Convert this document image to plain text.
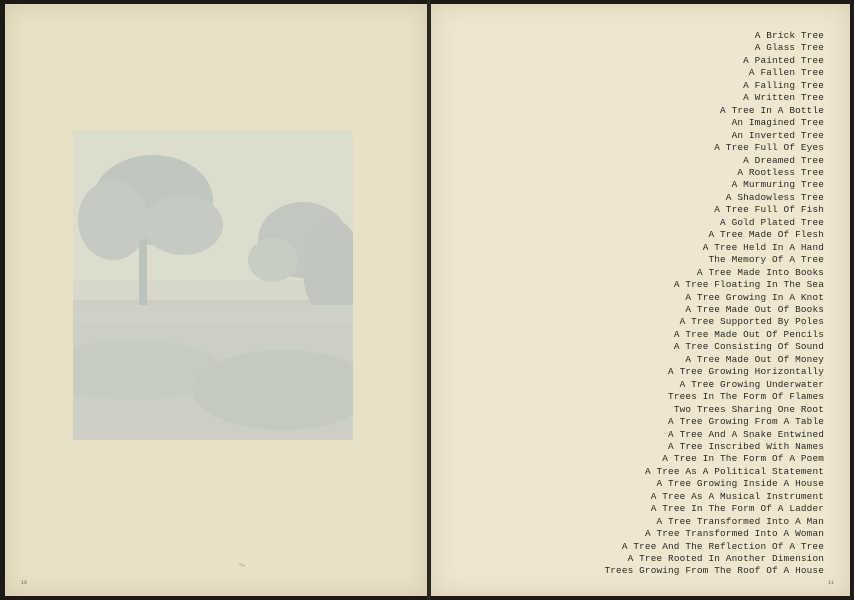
10
A Brick Tree
A Glass Tree
A Painted Tree
A Fallen Tree
A Falling Tree
A Written Tree
A Tree In A Bottle
An Imagined Tree
An Inverted Tree
A Tree Full Of Eyes
A Dreamed Tree
A Rootless Tree
A Murmuring Tree
A Shadowless Tree
A Tree Full Of Fish
A Gold Plated Tree
A Tree Made Of Flesh
A Tree Held In A Hand
The Memory Of A Tree
A Tree Made Into Books
A Tree Floating In The Sea
A Tree Growing In A Knot
A Tree Made Out Of Books
A Tree Supported By Poles
A Tree Made Out Of Pencils
A Tree Consisting Of Sound
A Tree Made Out Of Money
A Tree Growing Horizontally
A Tree Growing Underwater
Trees In The Form Of Flames
Two Trees Sharing One Root
A Tree Growing From A Table
A Tree And A Snake Entwined
A Tree Inscribed With Names
A Tree In The Form Of A Poem
A Tree As A Political Statement
A Tree Growing Inside A House
A Tree As A Musical Instrument
A Tree In The Form Of A Ladder
A Tree Transformed Into A Man
A Tree Transformed Into A Woman
A Tree And The Reflection Of A Tree
A Tree Rooted In Another Dimension
Trees Growing From The Roof Of A House
11
